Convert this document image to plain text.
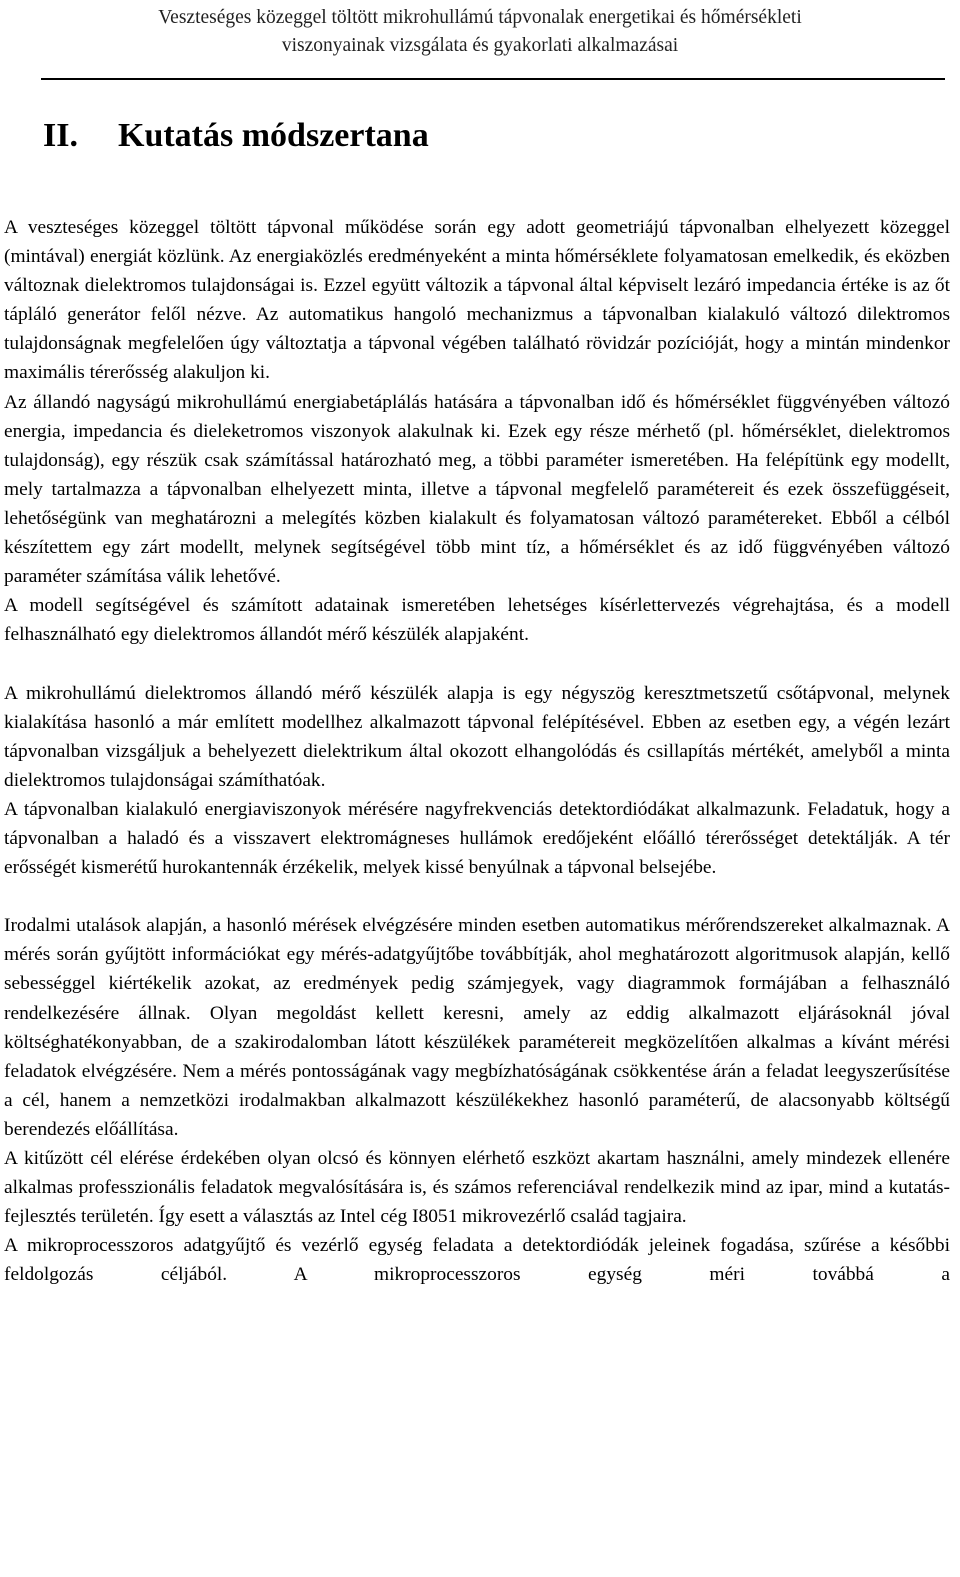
Veszteséges közeggel töltött mikrohullámú tápvonalak energetikai és hőmérsékleti
viszonyainak vizsgálata és gyakorlati alkalmazásai
II. Kutatás módszertana

A veszteséges közeggel töltött tápvonal működése során egy adott geometriájú tápvonalban elhelyezett közeggel (mintával) energiát közlünk. Az energiaközlés eredményeként a minta hőmérséklete folyamatosan emelkedik, és eközben változnak dielektromos tulajdonságai is. Ezzel együtt változik a tápvonal által képviselt lezáró impedancia értéke is az őt tápláló generátor felől nézve. Az automatikus hangoló mechanizmus a tápvonalban kialakuló változó dilektromos tulajdonságnak megfelelően úgy változtatja a tápvonal végében található rövidzár pozícióját, hogy a mintán mindenkor maximális térerősség alakuljon ki.

Az állandó nagyságú mikrohullámú energiabetáplálás hatására a tápvonalban idő és hőmérséklet függvényében változó energia, impedancia és dieleketromos viszonyok alakulnak ki. Ezek egy része mérhető (pl. hőmérséklet, dielektromos tulajdonság), egy részük csak számítással határozható meg, a többi paraméter ismeretében. Ha felépítünk egy modellt, mely tartalmazza a tápvonalban elhelyezett minta, illetve a tápvonal megfelelő paramétereit és ezek összefüggéseit, lehetőségünk van meghatározni a melegítés közben kialakult és folyamatosan változó paramétereket. Ebből a célból készítettem egy zárt modellt, melynek segítségével több mint tíz, a hőmérséklet és az idő függvényében változó paraméter számítása válik lehetővé.

A modell segítségével és számított adatainak ismeretében lehetséges kísérlettervezés végrehajtása, és a modell felhasználható egy dielektromos állandót mérő készülék alapjaként.

A mikrohullámú dielektromos állandó mérő készülék alapja is egy négyszög keresztmetszetű csőtápvonal, melynek kialakítása hasonló a már említett modellhez alkalmazott tápvonal felépítésével. Ebben az esetben egy, a végén lezárt tápvonalban vizsgáljuk a behelyezett dielektrikum által okozott elhangolódás és csillapítás mértékét, amelyből a minta dielektromos tulajdonságai számíthatóak.

A tápvonalban kialakuló energiaviszonyok mérésére nagyfrekvenciás detektordiódákat alkalmazunk. Feladatuk, hogy a tápvonalban a haladó és a visszavert elektromágneses hullámok eredőjeként előálló térerősséget detektálják. A tér erősségét kismerétű hurokantennák érzékelik, melyek kissé benyúlnak a tápvonal belsejébe.

Irodalmi utalások alapján, a hasonló mérések elvégzésére minden esetben automatikus mérőrendszereket alkalmaznak. A mérés során gyűjtött információkat egy mérés-adatgyűjtőbe továbbítják, ahol meghatározott algoritmusok alapján, kellő sebességgel kiértékelik azokat, az eredmények pedig számjegyek, vagy diagrammok formájában a felhasználó rendelkezésére állnak. Olyan megoldást kellett keresni, amely az eddig alkalmazott eljárásoknál jóval költséghatékonyabban, de a szakirodalomban látott készülékek paramétereit megközelítően alkalmas a kívánt mérési feladatok elvégzésére. Nem a mérés pontosságának vagy megbízhatóságának csökkentése árán a feladat leegyszerűsítése a cél, hanem a nemzetközi irodalmakban alkalmazott készülékekhez hasonló paraméterű, de alacsonyabb költségű berendezés előállítása.

A kitűzött cél elérése érdekében olyan olcsó és könnyen elérhető eszközt akartam használni, amely mindezek ellenére alkalmas professzionális feladatok megvalósítására is, és számos referenciával rendelkezik mind az ipar, mind a kutatás-fejlesztés területén. Így esett a választás az Intel cég I8051 mikrovezérlő család tagjaira.

A mikroprocesszoros adatgyűjtő és vezérlő egység feladata a detektordiódák jeleinek fogadása, szűrése a későbbi feldolgozás céljából. A mikroprocesszoros egység méri továbbá a
